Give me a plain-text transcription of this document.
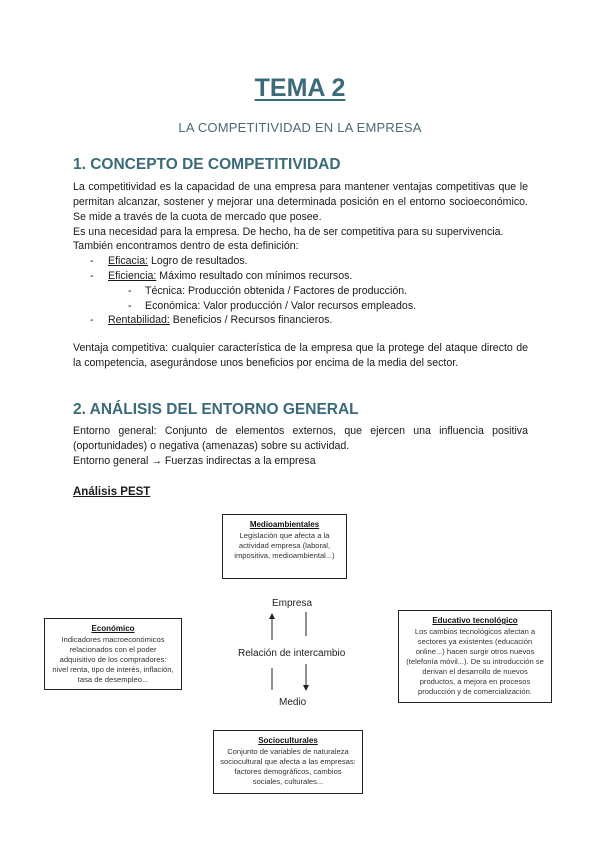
TEMA 2
LA COMPETITIVIDAD EN LA EMPRESA
1. CONCEPTO DE COMPETITIVIDAD
La competitividad es la capacidad de una empresa para mantener ventajas competitivas que le permitan alcanzar, sostener y mejorar una determinada posición en el entorno socioeconómico. Se mide a través de la cuota de mercado que posee.
Es una necesidad para la empresa. De hecho, ha de ser competitiva para su supervivencia.
También encontramos dentro de esta definición:
- Eficacia: Logro de resultados.
- Eficiencia: Máximo resultado con mínimos recursos.
- Técnica: Producción obtenida / Factores de producción.
- Económica: Valor producción / Valor recursos empleados.
- Rentabilidad: Beneficios / Recursos financieros.
Ventaja competitiva: cualquier característica de la empresa que la protege del ataque directo de la competencia, asegurándose unos beneficios por encima de la media del sector.
2. ANÁLISIS DEL ENTORNO GENERAL
Entorno general: Conjunto de elementos externos, que ejercen una influencia positiva (oportunidades) o negativa (amenazas) sobre su actividad.
Entorno general → Fuerzas indirectas a la empresa
Análisis PEST
Medioambientales
Legislación que afecta a la actividad empresa (laboral, impositiva, medioambiental...)
Económico
Indicadores macroeconómicos relacionados con el poder adquisitivo de los compradores: nivel renta, tipo de interés, inflación, tasa de desempleo...
Educativo tecnológico
Los cambios tecnológicos afectan a sectores ya existentes (educación online...) hacen surgir otros nuevos (telefonía móvil...). De su introducción se derivan el desarrollo de nuevos productos, a mejora en procesos producción y de comercialización.
Socioculturales
Conjunto de variables de naturaleza sociocultural que afecta a las empresas: factores demográficos, cambios sociales, culturales...
Empresa
Relación de intercambio
Medio
